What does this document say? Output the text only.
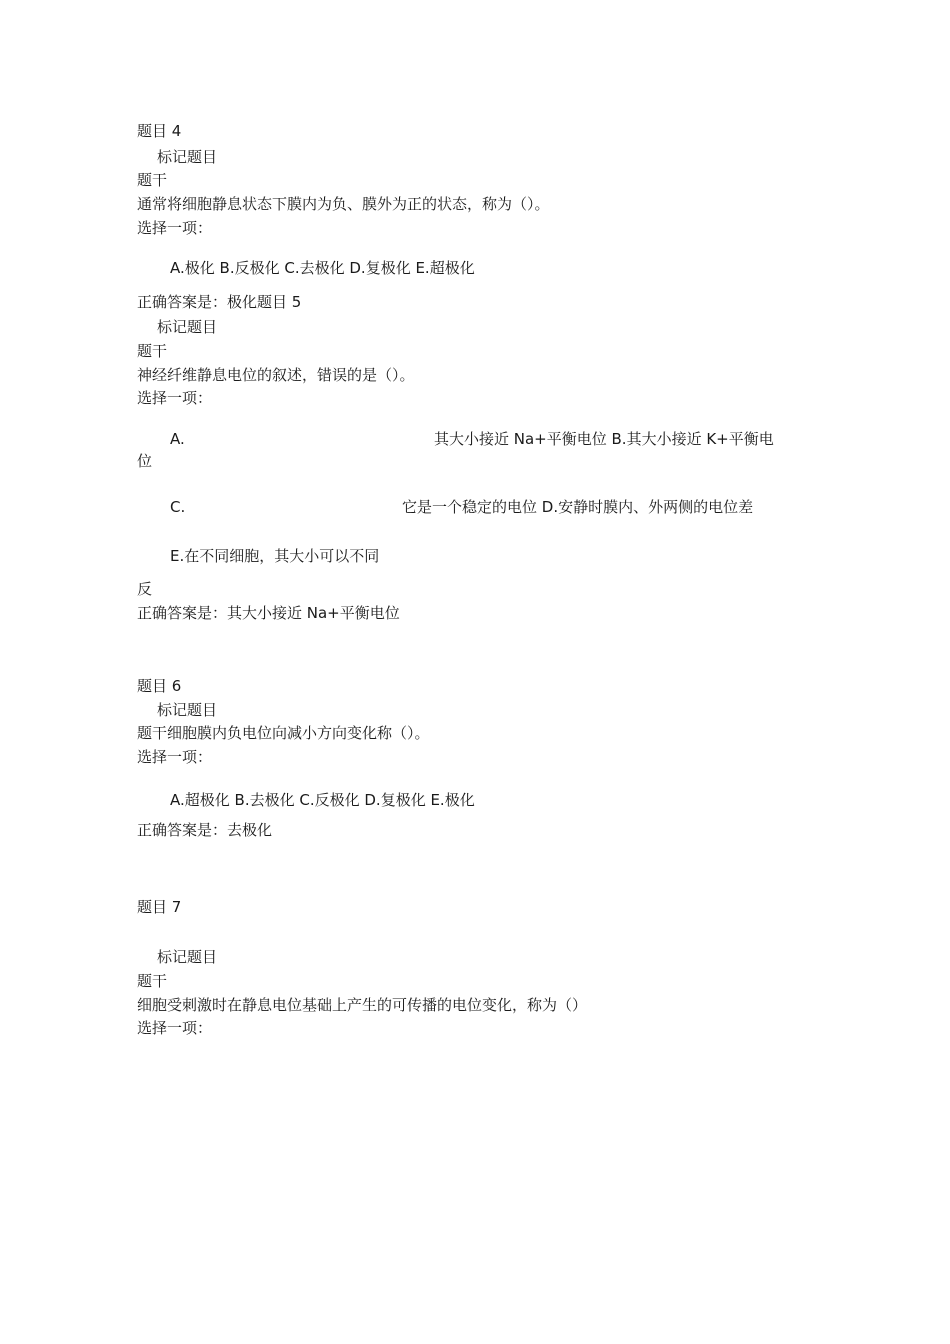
题目 4
标记题目
题干
通常将细胞静息状态下膜内为负、膜外为正的状态，称为（）。
选择一项：
A.极化 B.反极化 C.去极化 D.复极化 E.超极化
正确答案是：极化题目 5
标记题目
题干
神经纤维静息电位的叙述，错误的是（）。
选择一项：
A.	其大小接近 Na+平衡电位 B.其大小接近 K+平衡电
位
C.	它是一个稳定的电位 D.安静时膜内、外两侧的电位差
E.在不同细胞，其大小可以不同
反
正确答案是：其大小接近 Na+平衡电位
题目 6
标记题目
题干细胞膜内负电位向减小方向变化称（）。
选择一项：
A.超极化 B.去极化 C.反极化 D.复极化 E.极化
正确答案是：去极化
题目 7
标记题目
题干
细胞受刺激时在静息电位基础上产生的可传播的电位变化，称为（）
选择一项：
